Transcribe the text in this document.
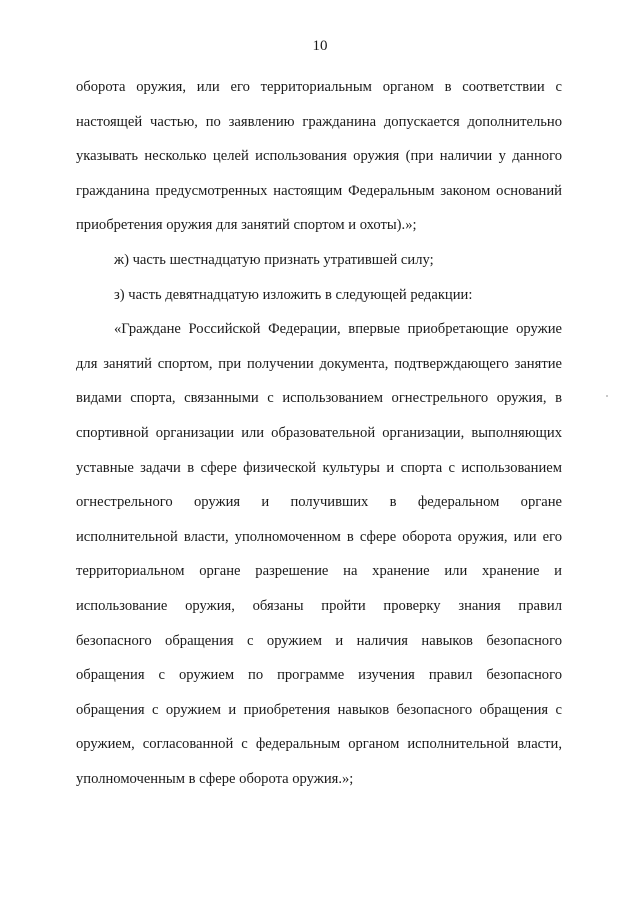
10
оборота оружия, или его территориальным органом в соответствии с
настоящей частью, по заявлению гражданина допускается дополнительно
указывать несколько целей использования оружия (при наличии у данного
гражданина предусмотренных настоящим Федеральным законом оснований
приобретения оружия для занятий спортом и охоты).»;
ж) часть шестнадцатую признать утратившей силу;
з) часть девятнадцатую изложить в следующей редакции:
«Граждане Российской Федерации, впервые приобретающие оружие
для занятий спортом, при получении документа, подтверждающего занятие
видами спорта, связанными с использованием огнестрельного оружия, в
спортивной организации или образовательной организации, выполняющих
уставные задачи в сфере физической культуры и спорта с использованием
огнестрельного оружия и получивших в федеральном органе
исполнительной власти, уполномоченном в сфере оборота оружия, или его
территориальном органе разрешение на хранение или хранение и
использование оружия, обязаны пройти проверку знания правил
безопасного обращения с оружием и наличия навыков безопасного
обращения с оружием по программе изучения правил безопасного
обращения с оружием и приобретения навыков безопасного обращения с
оружием, согласованной с федеральным органом исполнительной власти,
уполномоченным в сфере оборота оружия.»;
